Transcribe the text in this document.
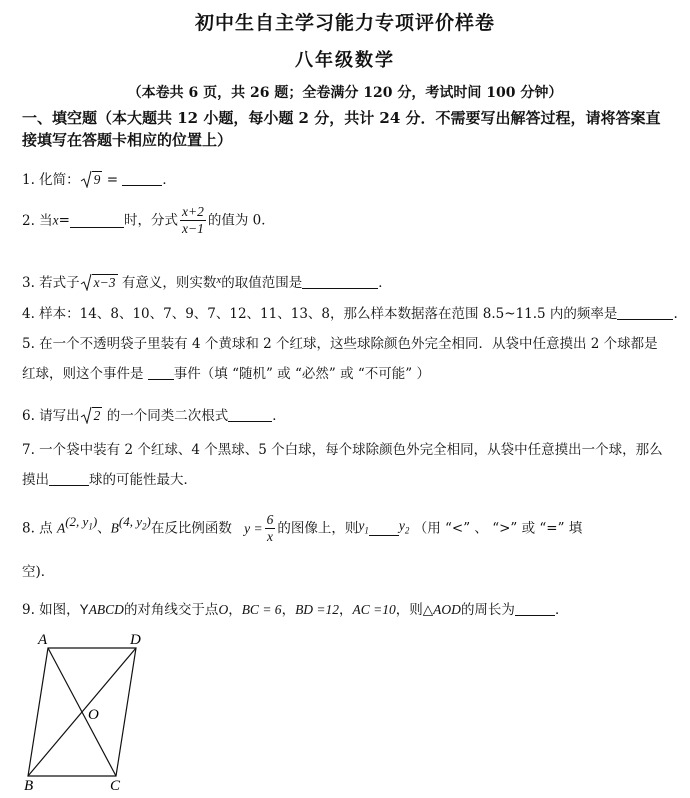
初中生自主学习能力专项评价样卷
八年级数学
（本卷共 6 页，共 26 题；全卷满分 120 分，考试时间 100 分钟）
一、填空题（本大题共 12 小题，每小题 2 分，共计 24 分．不需要写出解答过程，请将答案直
接填写在答题卡相应的位置上）
1. 化简： 9 =	．
2. 当x=	时，分式 $\frac{x+2}{x-1}$ 的值为 0．
3. 若式子 x−3 有意义，则实数$^x$的取值范围是	．
4. 样本：14、8、10、7、9、7、12、11、13、8，那么样本数据落在范围 8.5~11.5 内的频率是	.
5. 在一个不透明袋子里装有 4 个黄球和 2 个红球，这些球除颜色外完全相同．从袋中任意摸出 2 个球都是
红球，则这个事件是 事件（填 “随机” 或 “必然” 或 “不可能” ）
6. 请写出 2 的一个同类二次根式	．
7. 一个袋中装有 2 个红球、4 个黑球、5 个白球，每个球除颜色外完全相同，从袋中任意摸出一个球，那么
摸出	球的可能性最大．
8. 点 A(2, $y_1$)、B(4, $y_2$)在反比例函数 $y = \frac{6}{x}$ 的图像上，则$y_1$ $y_2$ （用 “<” 、 “>” 或 “=” 填
空)．
9. 如图，YABCD的对角线交于点O，BC = 6，BD =12，AC =10，则△AOD的周长为	．
A	D
B	C
O
